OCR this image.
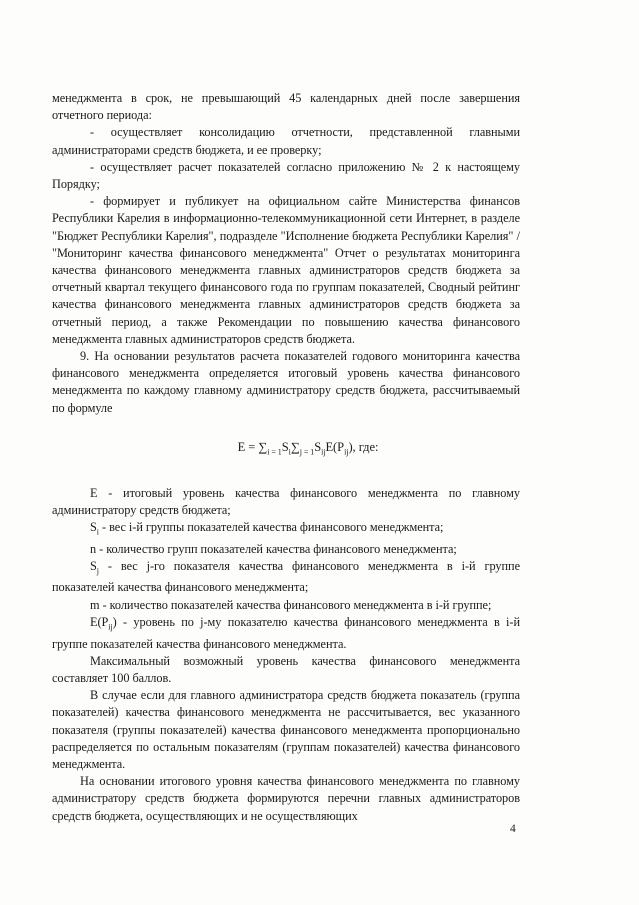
менеджмента в срок, не превышающий 45 календарных дней после завершения отчетного периода:

- осуществляет консолидацию отчетности, представленной главными администраторами средств бюджета, и ее проверку;

- осуществляет расчет показателей согласно приложению № 2 к настоящему Порядку;

- формирует и публикует на официальном сайте Министерства финансов Республики Карелия в информационно-телекоммуникационной сети Интернет, в разделе "Бюджет Республики Карелия", подразделе "Исполнение бюджета Республики Карелия" / "Мониторинг качества финансового менеджмента" Отчет о результатах мониторинга качества финансового менеджмента главных администраторов средств бюджета за отчетный квартал текущего финансового года по группам показателей, Сводный рейтинг качества финансового менеджмента главных администраторов средств бюджета за отчетный период, а также Рекомендации по повышению качества финансового менеджмента главных администраторов средств бюджета.

9. На основании результатов расчета показателей годового мониторинга качества финансового менеджмента определяется итоговый уровень качества финансового менеджмента по каждому главному администратору средств бюджета, рассчитываемый по формуле

$E = \sum_{i = 1}S_i\sum_{j = 1}S_{ij}E(P_{ij})$, где:

E - итоговый уровень качества финансового менеджмента по главному администратору средств бюджета;

$S_i$ - вес i-й группы показателей качества финансового менеджмента;

n - количество групп показателей качества финансового менеджмента;

$S_j$ - вес j-го показателя качества финансового менеджмента в i-й группе показателей качества финансового менеджмента;

m - количество показателей качества финансового менеджмента в i-й группе;

$E(P_{ij})$ - уровень по j-му показателю качества финансового менеджмента в i-й группе показателей качества финансового менеджмента.

Максимальный возможный уровень качества финансового менеджмента составляет 100 баллов.

В случае если для главного администратора средств бюджета показатель (группа показателей) качества финансового менеджмента не рассчитывается, вес указанного показателя (группы показателей) качества финансового менеджмента пропорционально распределяется по остальным показателям (группам показателей) качества финансового менеджмента.

На основании итогового уровня качества финансового менеджмента по главному администратору средств бюджета формируются перечни главных администраторов средств бюджета, осуществляющих и не осуществляющих

4
